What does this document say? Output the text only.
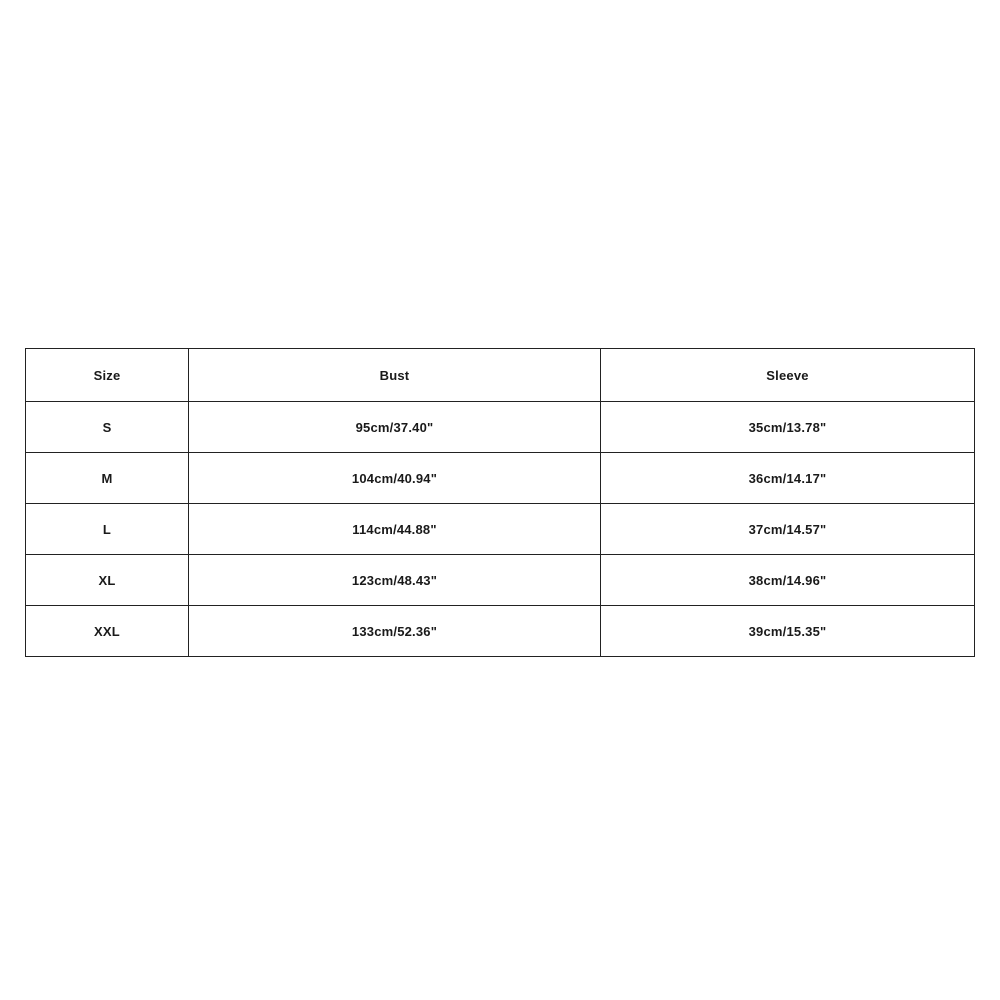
Size	Bust	Sleeve
S	95cm/37.40"	35cm/13.78"
M	104cm/40.94"	36cm/14.17"
L	114cm/44.88"	37cm/14.57"
XL	123cm/48.43"	38cm/14.96"
XXL	133cm/52.36"	39cm/15.35"
